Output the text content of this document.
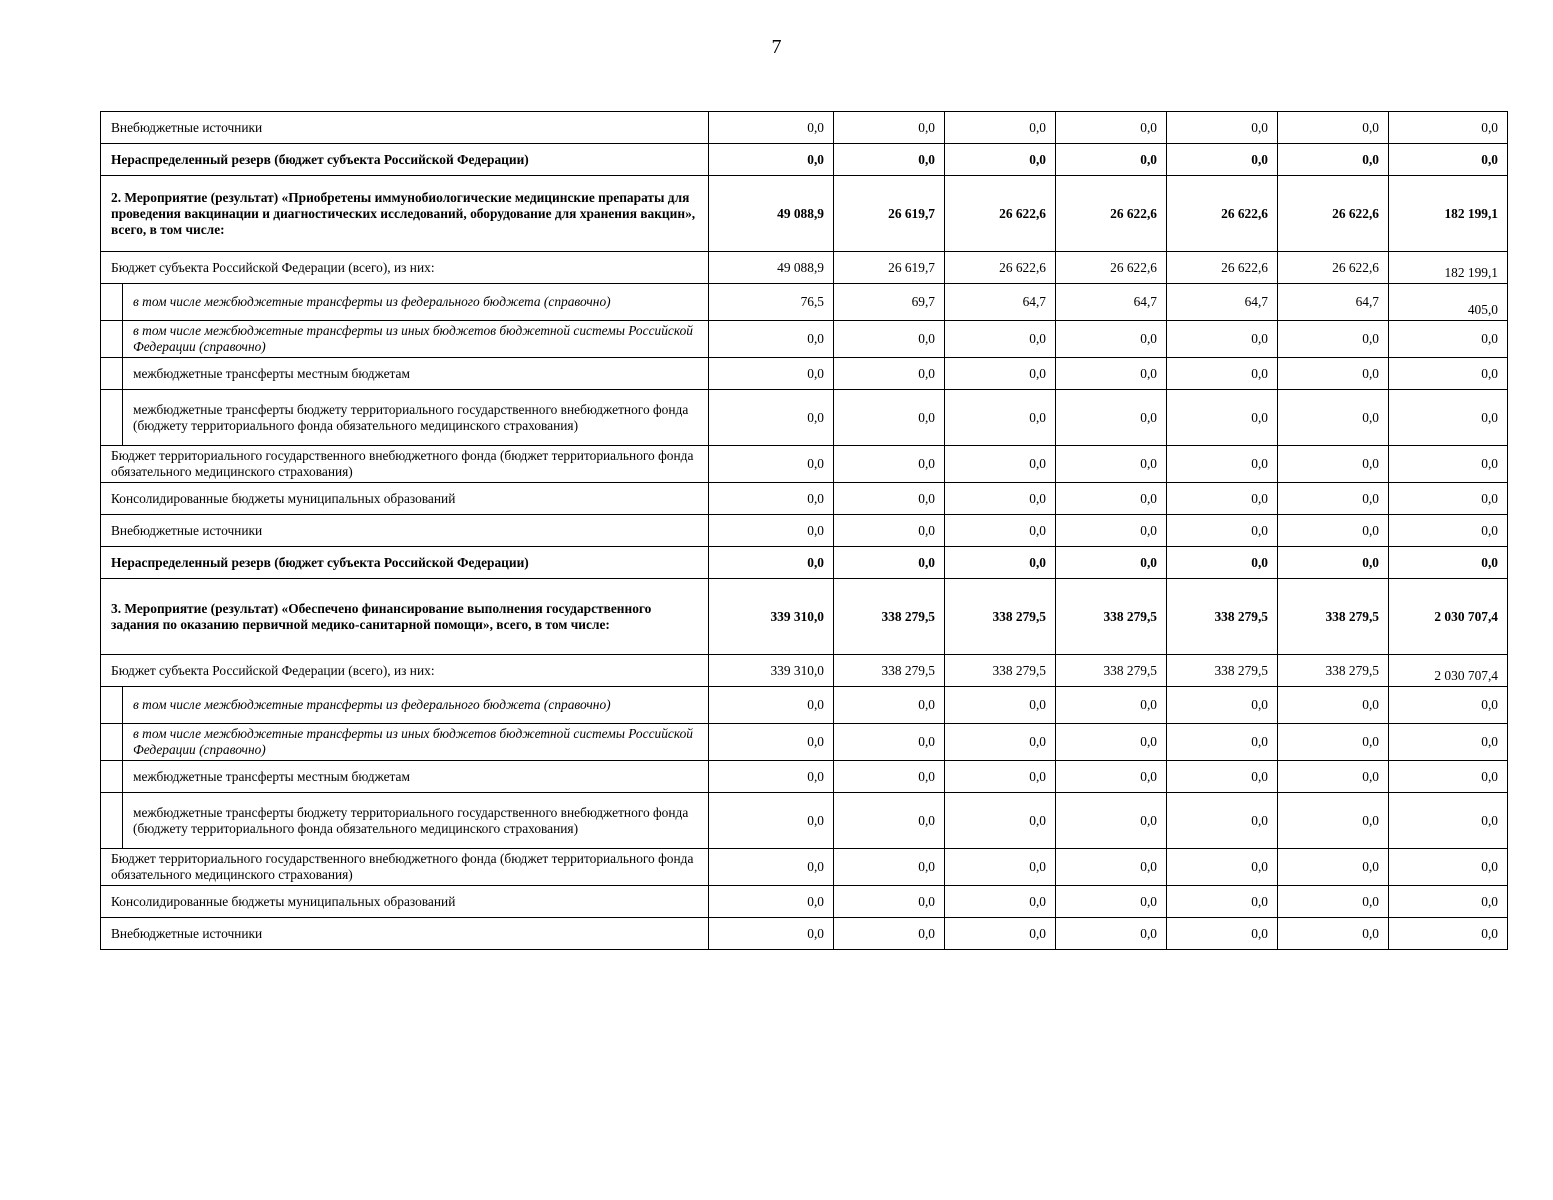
7
Внебюджетные источники		0,0	0,0	0,0	0,0	0,0	0,0	0,0
Нераспределенный резерв (бюджет субъекта Российской Федерации)		0,0	0,0	0,0	0,0	0,0	0,0	0,0
2. Мероприятие (результат) «Приобретены иммунобиологические медицинские препараты для проведения вакцинации и диагностических исследований, оборудование для хранения вакцин», всего, в том числе:		49 088,9	26 619,7	26 622,6	26 622,6	26 622,6	26 622,6	182 199,1
Бюджет субъекта Российской Федерации (всего), из них:		49 088,9	26 619,7	26 622,6	26 622,6	26 622,6	26 622,6	182 199,1
	в том числе межбюджетные трансферты из федерального бюджета (справочно)	76,5	69,7	64,7	64,7	64,7	64,7	405,0
	в том числе межбюджетные трансферты из иных бюджетов бюджетной системы Российской Федерации (справочно)	0,0	0,0	0,0	0,0	0,0	0,0	0,0
	межбюджетные трансферты местным бюджетам	0,0	0,0	0,0	0,0	0,0	0,0	0,0
	межбюджетные трансферты бюджету территориального государственного внебюджетного фонда (бюджету территориального фонда обязательного медицинского страхования)	0,0	0,0	0,0	0,0	0,0	0,0	0,0
Бюджет территориального государственного внебюджетного фонда (бюджет территориального фонда обязательного медицинского страхования)		0,0	0,0	0,0	0,0	0,0	0,0	0,0
Консолидированные бюджеты муниципальных образований		0,0	0,0	0,0	0,0	0,0	0,0	0,0
Внебюджетные источники		0,0	0,0	0,0	0,0	0,0	0,0	0,0
Нераспределенный резерв (бюджет субъекта Российской Федерации)		0,0	0,0	0,0	0,0	0,0	0,0	0,0
3. Мероприятие (результат) «Обеспечено финансирование выполнения государственного задания по оказанию первичной медико-санитарной помощи», всего, в том числе:		339 310,0	338 279,5	338 279,5	338 279,5	338 279,5	338 279,5	2 030 707,4
Бюджет субъекта Российской Федерации (всего), из них:		339 310,0	338 279,5	338 279,5	338 279,5	338 279,5	338 279,5	2 030 707,4
	в том числе межбюджетные трансферты из федерального бюджета (справочно)	0,0	0,0	0,0	0,0	0,0	0,0	0,0
	в том числе межбюджетные трансферты из иных бюджетов бюджетной системы Российской Федерации (справочно)	0,0	0,0	0,0	0,0	0,0	0,0	0,0
	межбюджетные трансферты местным бюджетам	0,0	0,0	0,0	0,0	0,0	0,0	0,0
	межбюджетные трансферты бюджету территориального государственного внебюджетного фонда (бюджету территориального фонда обязательного медицинского страхования)	0,0	0,0	0,0	0,0	0,0	0,0	0,0
Бюджет территориального государственного внебюджетного фонда (бюджет территориального фонда обязательного медицинского страхования)		0,0	0,0	0,0	0,0	0,0	0,0	0,0
Консолидированные бюджеты муниципальных образований		0,0	0,0	0,0	0,0	0,0	0,0	0,0
Внебюджетные источники		0,0	0,0	0,0	0,0	0,0	0,0	0,0
